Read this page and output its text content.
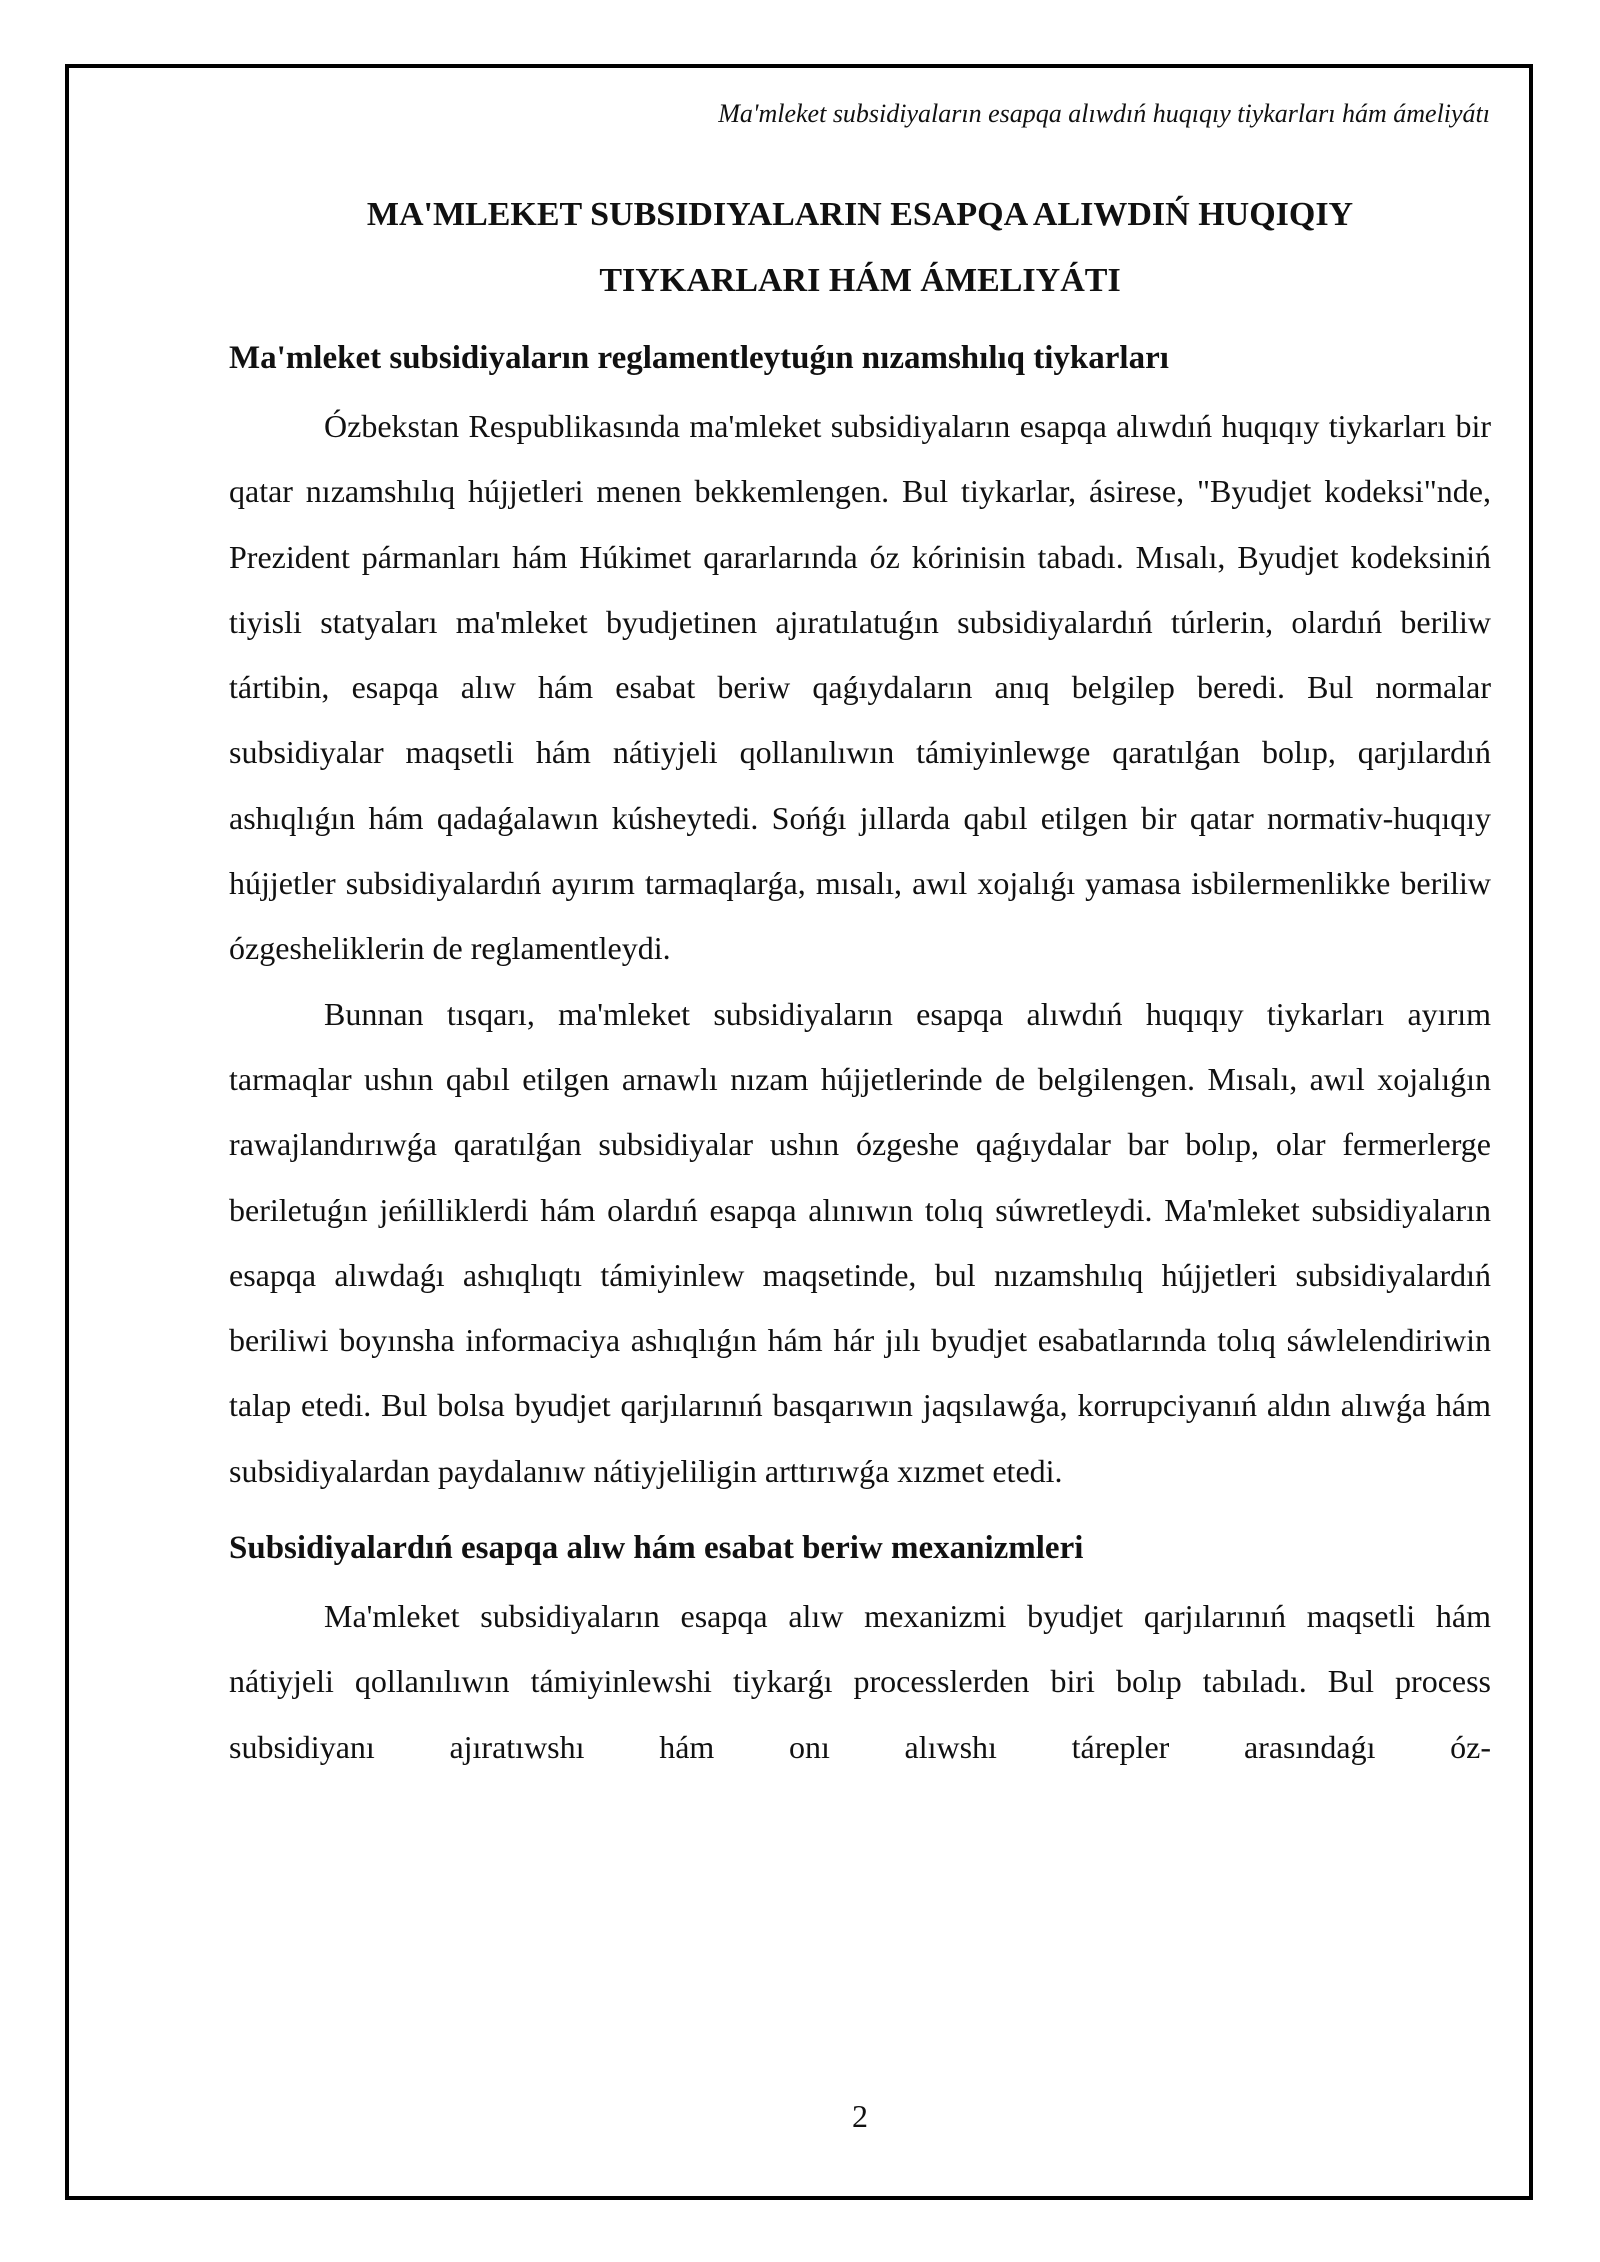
Ma'mleket subsidiyaların esapqa alıwdıń huqıqıy tiykarları hám ámeliyátı
MA'MLEKET SUBSIDIYALARIN ESAPQA ALIWDIŃ HUQIQIY
TIYKARLARI HÁM ÁMELIYÁTI
Ma'mleket subsidiyaların reglamentleytuǵın nızamshılıq tiykarları

Ózbekstan Respublikasında ma'mleket subsidiyaların esapqa alıwdıń huqıqıy tiykarları bir qatar nızamshılıq hújjetleri menen bekkemlengen. Bul tiykarlar, ásirese, "Byudjet kodeksi"nde, Prezident pármanları hám Húkimet qararlarında óz kórinisin tabadı. Mısalı, Byudjet kodeksiniń tiyisli statyaları ma'mleket byudjetinen ajıratılatuǵın subsidiyalardıń túrlerin, olardıń beriliw tártibin, esapqa alıw hám esabat beriw qaǵıydaların anıq belgilep beredi. Bul normalar subsidiyalar maqsetli hám nátiyjeli qollanılıwın támiyinlewge qaratılǵan bolıp, qarjılardıń ashıqlıǵın hám qadaǵalawın kúsheytedi. Sońǵı jıllarda qabıl etilgen bir qatar normativ-huqıqıy hújjetler subsidiyalardıń ayırım tarmaqlarǵa, mısalı, awıl xojalıǵı yamasa isbilermenlikke beriliw ózgesheliklerin de reglamentleydi.

Bunnan tısqarı, ma'mleket subsidiyaların esapqa alıwdıń huqıqıy tiykarları ayırım tarmaqlar ushın qabıl etilgen arnawlı nızam hújjetlerinde de belgilengen. Mısalı, awıl xojalıǵın rawajlandırıwǵa qaratılǵan subsidiyalar ushın ózgeshe qaǵıydalar bar bolıp, olar fermerlerge beriletuǵın jeńilliklerdi hám olardıń esapqa alınıwın tolıq súwretleydi. Ma'mleket subsidiyaların esapqa alıwdaǵı ashıqlıqtı támiyinlew maqsetinde, bul nızamshılıq hújjetleri subsidiyalardıń beriliwi boyınsha informaciya ashıqlıǵın hám hár jılı byudjet esabatlarında tolıq sáwlelendiriwin talap etedi. Bul bolsa byudjet qarjılarınıń basqarıwın jaqsılawǵa, korrupciyanıń aldın alıwǵa hám subsidiyalardan paydalanıw nátiyjeliligin arttırıwǵa xızmet etedi.

Subsidiyalardıń esapqa alıw hám esabat beriw mexanizmleri

Ma'mleket subsidiyaların esapqa alıw mexanizmi byudjet qarjılarınıń maqsetli hám nátiyjeli qollanılıwın támiyinlewshi tiykarǵı processlerden biri bolıp tabıladı. Bul process subsidiyanı ajıratıwshı hám onı alıwshı tárepler arasındaǵı óz-

2
